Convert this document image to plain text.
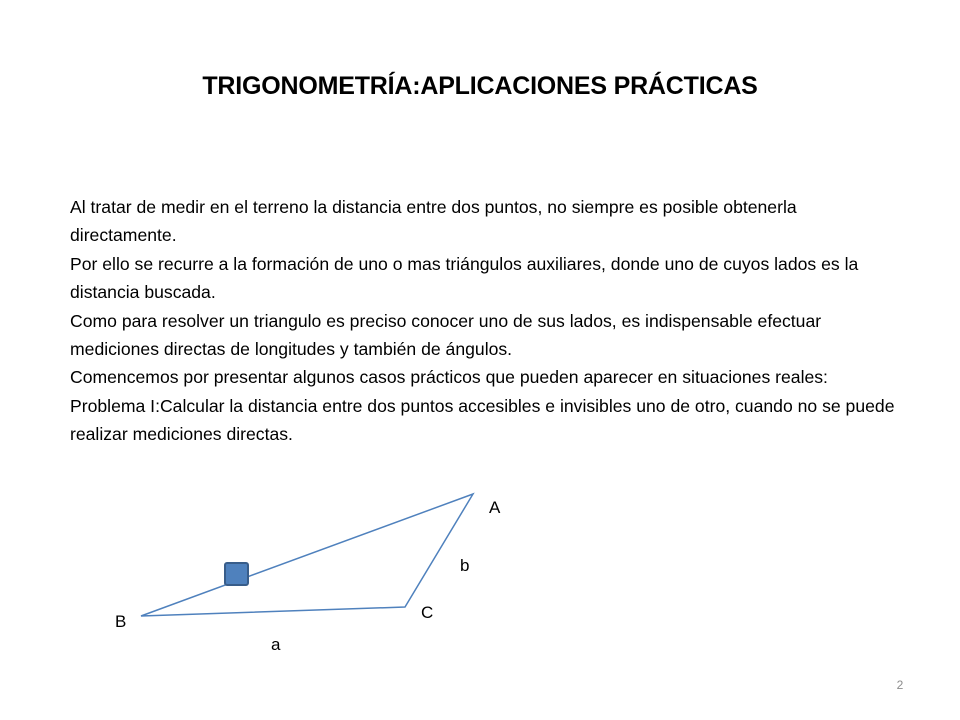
TRIGONOMETRÍA:APLICACIONES PRÁCTICAS

Al tratar de medir en el terreno la distancia entre dos puntos, no siempre es posible obtenerla directamente.

Por ello se recurre a la formación de uno o mas triángulos auxiliares, donde uno de cuyos lados es la distancia buscada.

Como para resolver un triangulo es preciso conocer uno de sus lados, es indispensable efectuar mediciones directas de longitudes y también de ángulos.

Comencemos por presentar algunos casos prácticos que pueden aparecer en situaciones reales:

Problema I:Calcular la distancia entre dos puntos accesibles e invisibles uno de otro, cuando no se puede realizar mediciones directas.

A
b
C
B
a
2
